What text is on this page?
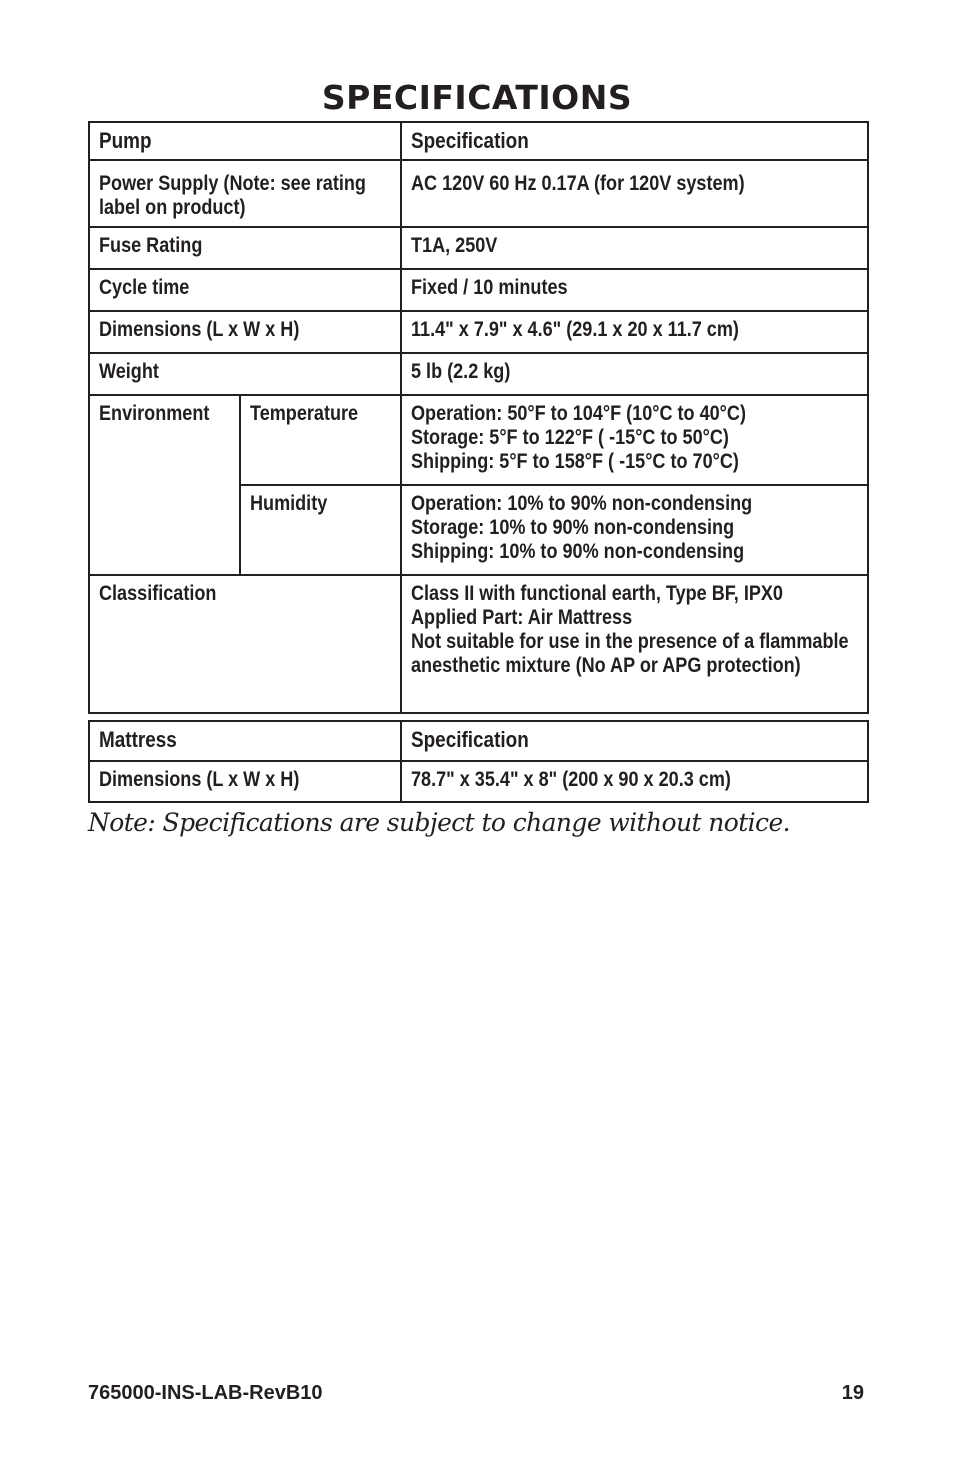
SPECIFICATIONS
Pump		Specification
Power Supply (Note: see rating label on product)		AC 120V 60 Hz 0.17A (for 120V system)
Fuse Rating		T1A, 250V
Cycle time		Fixed / 10 minutes
Dimensions (L x W x H)		11.4" x 7.9" x 4.6" (29.1 x 20 x 11.7 cm)
Weight		5 lb (2.2 kg)
Environment	Temperature	Operation: 50°F to 104°F (10°C to 40°C)
Storage: 5°F to 122°F ( -15°C to 50°C)
Shipping: 5°F to 158°F ( -15°C to 70°C)
	Humidity	Operation: 10% to 90% non-condensing
Storage: 10% to 90% non-condensing
Shipping: 10% to 90% non-condensing
Classification		Class II with functional earth, Type BF, IPX0
Applied Part: Air Mattress
Not suitable for use in the presence of a flammable anesthetic mixture (No AP or APG protection)
Mattress	Specification
Dimensions (L x W x H)	78.7" x 35.4" x 8" (200 x 90 x 20.3 cm)
Note: Specifications are subject to change without notice.
765000-INS-LAB-RevB10	19
